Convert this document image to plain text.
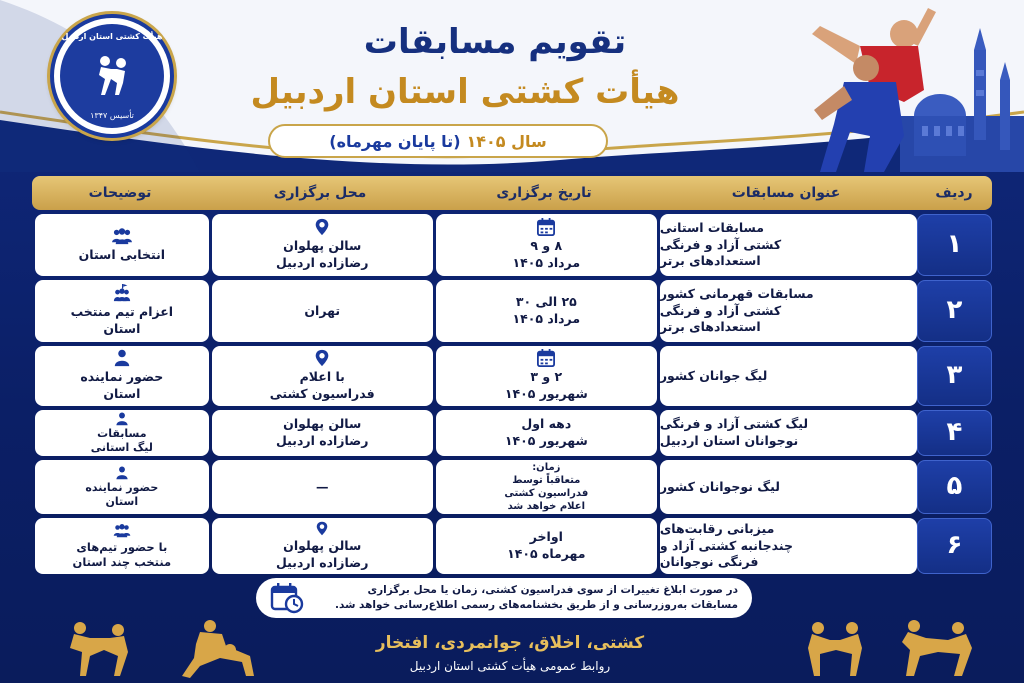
هیأت کشتی استان اردبیل
تأسیس ۱۳۴۷
تقویم مسابقات
هیأت کشتی استان اردبیل
سال ۱۴۰۵
(تا پایان مهرماه)
ردیف
عنوان مسابقات
تاریخ برگزاری
محل برگزاری
توضیحات
۱
مسابقات استانی
کشتی آزاد و فرنگی
استعدادهای برتر
۸ و ۹
مرداد ۱۴۰۵
سالن پهلوان
رضازاده اردبیل
انتخابی استان
۲
مسابقات قهرمانی کشور
کشتی آزاد و فرنگی
استعدادهای برتر
۲۵ الی ۳۰
مرداد ۱۴۰۵
تهران
اعزام تیم منتخب
استان
۳
لیگ جوانان کشور
۲ و ۳
شهریور ۱۴۰۵
با اعلام
فدراسیون کشتی
حضور نماینده
استان
۴
لیگ کشتی آزاد و فرنگی
نوجوانان استان اردبیل
دهه اول
شهریور ۱۴۰۵
سالن پهلوان
رضازاده اردبیل
مسابقات
لیگ استانی
۵
لیگ نوجوانان کشور
زمان:
متعاقباً توسط
فدراسیون کشتی
اعلام خواهد شد
—
حضور نماینده
استان
۶
میزبانی رقابت‌های
چندجانبه کشتی آزاد و
فرنگی نوجوانان
اواخر
مهرماه ۱۴۰۵
سالن پهلوان
رضازاده اردبیل
با حضور تیم‌های
منتخب چند استان
در صورت ابلاغ تغییرات از سوی فدراسیون کشتی، زمان یا محل برگزاری
مسابقات به‌روزرسانی و از طریق بخشنامه‌های رسمی اطلاع‌رسانی خواهد شد.
کشتی، اخلاق، جوانمردی، افتخار
روابط عمومی هیأت کشتی استان اردبیل
